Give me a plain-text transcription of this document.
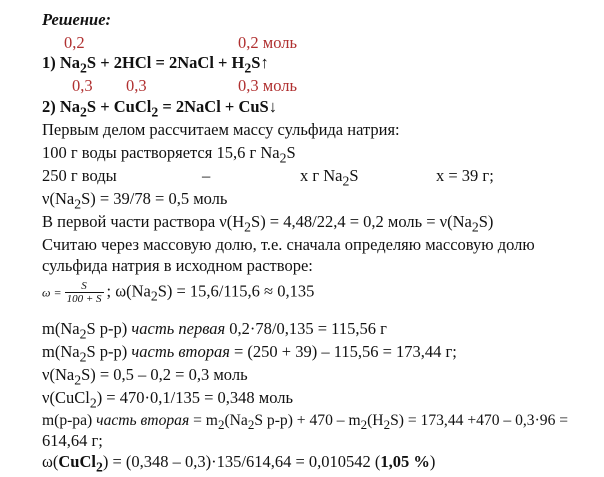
Решение:
0,2	0,2 моль
1) $Na_2S + 2HCl$ = 2NaCl + $H_2S↑$
0,3 0,3	0,3 моль
2) $Na_2S$ + CuCl$_2$ = 2NaCl + CuS↓
Первым делом рассчитаем массу сульфида натрия:
100 г воды растворяется 15,6 г $Na_2S$
250 г воды	–	х г $Na_2S$	х = 39 г;
$\nu(Na_2S) = 39/78 = 0,5$ моль
В первой части раствора $\nu(H_2S) = 4,48/22,4 = 0,2$ моль = $\nu(Na_2S)$
Считаю через массовую долю, т.е. сначала определяю массовую долю
сульфида натрия в исходном растворе:
$\omega = \frac{S}{100 + S}$ ; $\omega(Na_2S) = 15,6/115,6 \approx 0,135$
$m(Na_2S$ р-р) часть первая 0,2·78/0,135 = 115,56 г
$m(Na_2S$ р-р) часть вторая = (250 + 39) – 115,56 = 173,44 г;
$\nu(Na_2S) = 0,5 - 0,2 = 0,3$ моль
ν(CuCl$_2$) = 470·0,1/135 = 0,348 моль
m(р-ра) часть вторая = $m_2(Na_2S$ $р-р) + 470 - m_2(H_2S) = 173,44 +470 - 0,3\cdot 96$ =
614,64 г;
ω(CuCl$_2$) = (0,348 – 0,3)·135/614,64 = 0,010542 (1,05 %)
